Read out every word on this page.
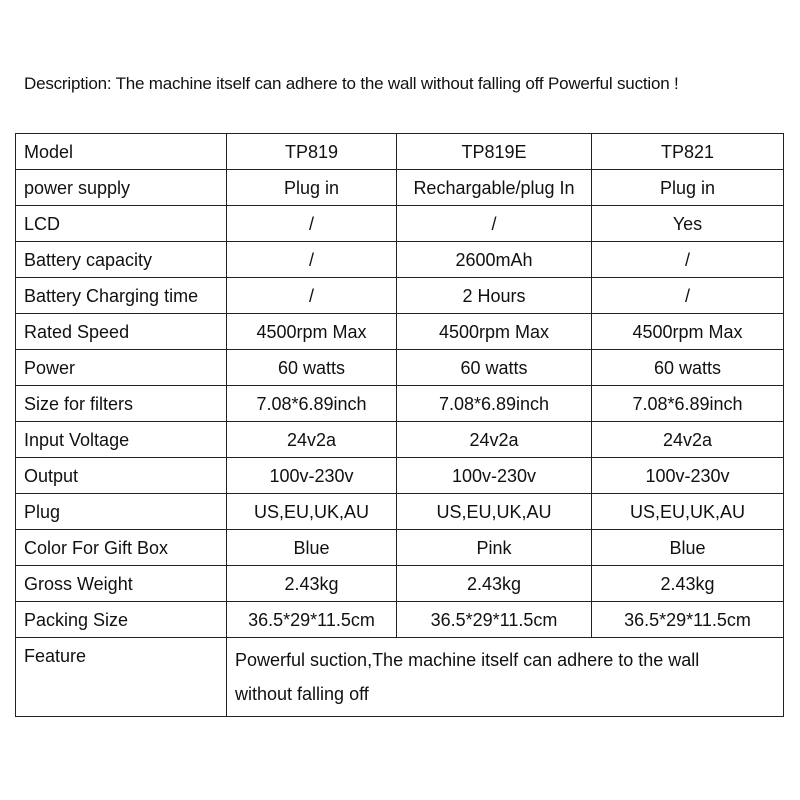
Description: The machine itself can adhere to the wall without falling off Powerful suction !
Model	TP819	TP819E	TP821
power supply	Plug in	Rechargable/plug In	Plug in
LCD	/	/	Yes
Battery capacity	/	2600mAh	/
Battery Charging time	/	2 Hours	/
Rated Speed	4500rpm Max	4500rpm Max	4500rpm Max
Power	60 watts	60 watts	60 watts
Size for filters	7.08*6.89inch	7.08*6.89inch	7.08*6.89inch
Input Voltage	24v2a	24v2a	24v2a
Output	100v-230v	100v-230v	100v-230v
Plug	US,EU,UK,AU	US,EU,UK,AU	US,EU,UK,AU
Color For Gift Box	Blue	Pink	Blue
Gross Weight	2.43kg	2.43kg	2.43kg
Packing Size	36.5*29*11.5cm	36.5*29*11.5cm	36.5*29*11.5cm
Feature	Powerful suction,The machine itself can adhere to the wall without falling off		
